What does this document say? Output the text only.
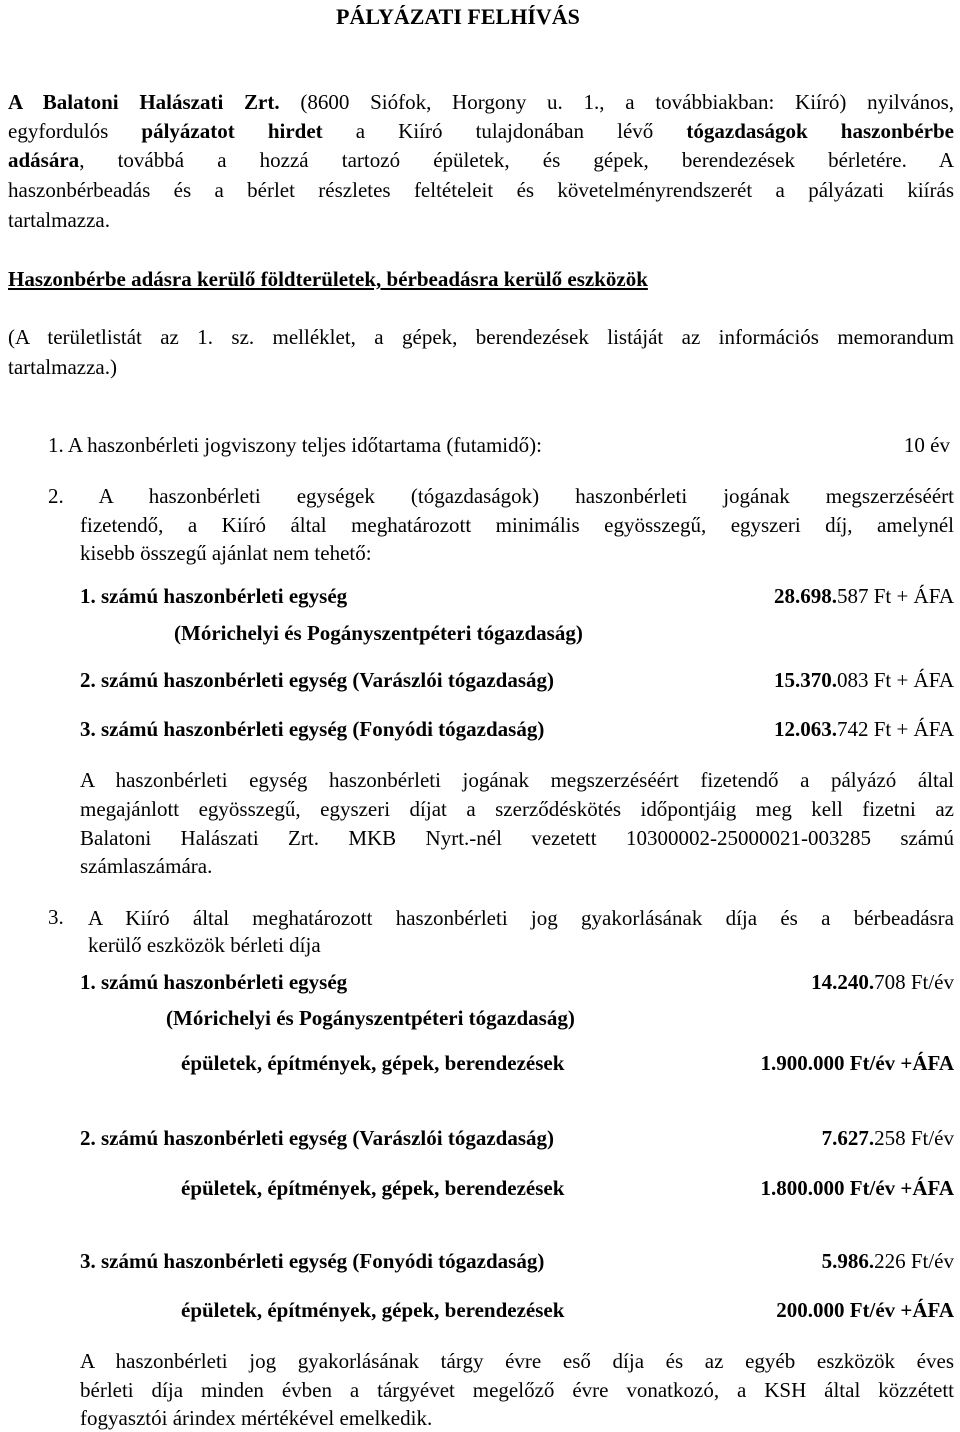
PÁLYÁZATI FELHÍVÁS
A Balatoni Halászati Zrt. (8600 Siófok, Horgony u. 1., a továbbiakban: Kiíró) nyilvános,
egyfordulós pályázatot hirdet a Kiíró tulajdonában lévő tógazdaságok haszonbérbe
adására, továbbá a hozzá tartozó épületek, és gépek, berendezések bérletére. A
haszonbérbeadás és a bérlet részletes feltételeit és követelményrendszerét a pályázati kiírás
tartalmazza.
Haszonbérbe adásra kerülő földterületek, bérbeadásra kerülő eszközök
(A területlistát az 1. sz. melléklet, a gépek, berendezések listáját az információs memorandum
tartalmazza.)
1. A haszonbérleti jogviszony teljes időtartama (futamidő):	10 év
2. A haszonbérleti egységek (tógazdaságok) haszonbérleti jogának megszerzéséért
fizetendő, a Kiíró által meghatározott minimális egyösszegű, egyszeri díj, amelynél
kisebb összegű ajánlat nem tehető:
1. számú haszonbérleti egység	28.698.587 Ft + ÁFA
(Mórichelyi és Pogányszentpéteri tógazdaság)
2. számú haszonbérleti egység (Varászlói tógazdaság)	15.370.083 Ft + ÁFA
3. számú haszonbérleti egység (Fonyódi tógazdaság)	12.063.742 Ft + ÁFA
A haszonbérleti egység haszonbérleti jogának megszerzéséért fizetendő a pályázó által
megajánlott egyösszegű, egyszeri díjat a szerződéskötés időpontjáig meg kell fizetni az
Balatoni Halászati Zrt. MKB Nyrt.-nél vezetett 10300002-25000021-003285 számú
számlaszámára.
3. A Kiíró által meghatározott haszonbérleti jog gyakorlásának díja és a bérbeadásra
kerülő eszközök bérleti díja
1. számú haszonbérleti egység	14.240.708 Ft/év
(Mórichelyi és Pogányszentpéteri tógazdaság)
épületek, építmények, gépek, berendezések	1.900.000 Ft/év +ÁFA
2. számú haszonbérleti egység (Varászlói tógazdaság)	7.627.258 Ft/év
épületek, építmények, gépek, berendezések	1.800.000 Ft/év +ÁFA
3. számú haszonbérleti egység (Fonyódi tógazdaság)	5.986.226 Ft/év
épületek, építmények, gépek, berendezések	200.000 Ft/év +ÁFA
A haszonbérleti jog gyakorlásának tárgy évre eső díja és az egyéb eszközök éves
bérleti díja minden évben a tárgyévet megelőző évre vonatkozó, a KSH által közzétett
fogyasztói árindex mértékével emelkedik.
